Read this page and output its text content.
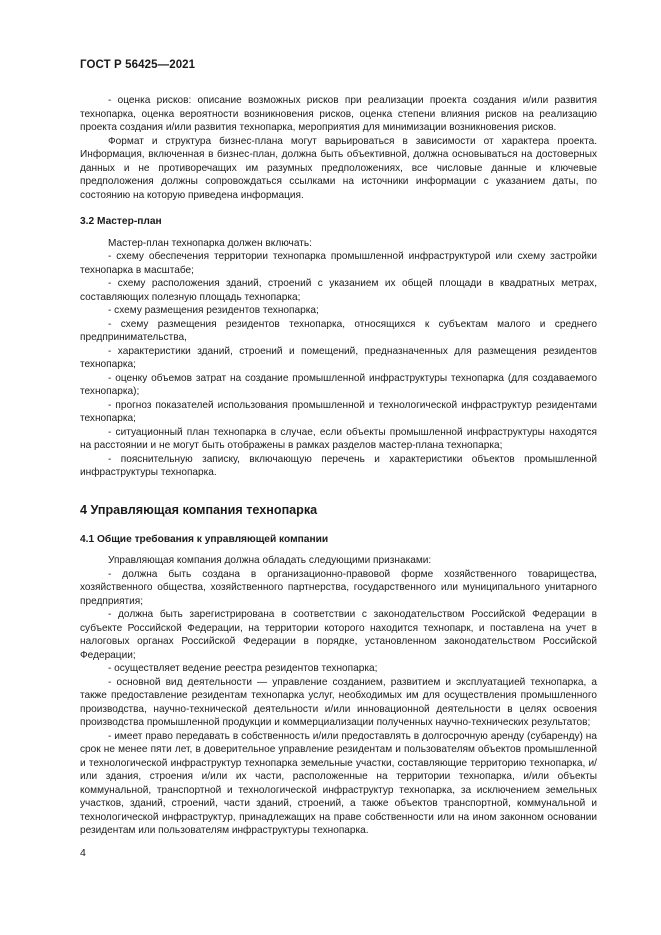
ГОСТ Р 56425—2021

- оценка рисков: описание возможных рисков при реализации проекта создания и/или развития технопарка, оценка вероятности возникновения рисков, оценка степени влияния рисков на реализацию проекта создания и/или развития технопарка, мероприятия для минимизации возникновения рисков.

Формат и структура бизнес-плана могут варьироваться в зависимости от характера проекта. Информация, включенная в бизнес-план, должна быть объективной, должна основываться на достоверных данных и не противоречащих им разумных предположениях, все числовые данные и ключевые предположения должны сопровождаться ссылками на источники информации с указанием даты, по состоянию на которую приведена информация.

3.2 Мастер-план

Мастер-план технопарка должен включать:

- схему обеспечения территории технопарка промышленной инфраструктурой или схему застройки технопарка в масштабе;

- схему расположения зданий, строений с указанием их общей площади в квадратных метрах, составляющих полезную площадь технопарка;

- схему размещения резидентов технопарка;

- схему размещения резидентов технопарка, относящихся к субъектам малого и среднего предпринимательства,

- характеристики зданий, строений и помещений, предназначенных для размещения резидентов технопарка;

- оценку объемов затрат на создание промышленной инфраструктуры технопарка (для создаваемого технопарка);

- прогноз показателей использования промышленной и технологической инфраструктур резидентами технопарка;

- ситуационный план технопарка в случае, если объекты промышленной инфраструктуры находятся на расстоянии и не могут быть отображены в рамках разделов мастер-плана технопарка;

- пояснительную записку, включающую перечень и характеристики объектов промышленной инфраструктуры технопарка.

4 Управляющая компания технопарка

4.1 Общие требования к управляющей компании

Управляющая компания должна обладать следующими признаками:

- должна быть создана в организационно-правовой форме хозяйственного товарищества, хозяйственного общества, хозяйственного партнерства, государственного или муниципального унитарного предприятия;

- должна быть зарегистрирована в соответствии с законодательством Российской Федерации в субъекте Российской Федерации, на территории которого находится технопарк, и поставлена на учет в налоговых органах Российской Федерации в порядке, установленном законодательством Российской Федерации;

- осуществляет ведение реестра резидентов технопарка;

- основной вид деятельности — управление созданием, развитием и эксплуатацией технопарка, а также предоставление резидентам технопарка услуг, необходимых им для осуществления промышленного производства, научно-технической деятельности и/или инновационной деятельности в целях освоения производства промышленной продукции и коммерциализации полученных научно-технических результатов;

- имеет право передавать в собственность и/или предоставлять в долгосрочную аренду (субаренду) на срок не менее пяти лет, в доверительное управление резидентам и пользователям объектов промышленной и технологической инфраструктур технопарка земельные участки, составляющие территорию технопарка, и/или здания, строения и/или их части, расположенные на территории технопарка, и/или объекты коммунальной, транспортной и технологической инфраструктур технопарка, за исключением земельных участков, зданий, строений, части зданий, строений, а также объектов транспортной, коммунальной и технологической инфраструктур, принадлежащих на праве собственности или на ином законном основании резидентам или пользователям инфраструктуры технопарка.

4
